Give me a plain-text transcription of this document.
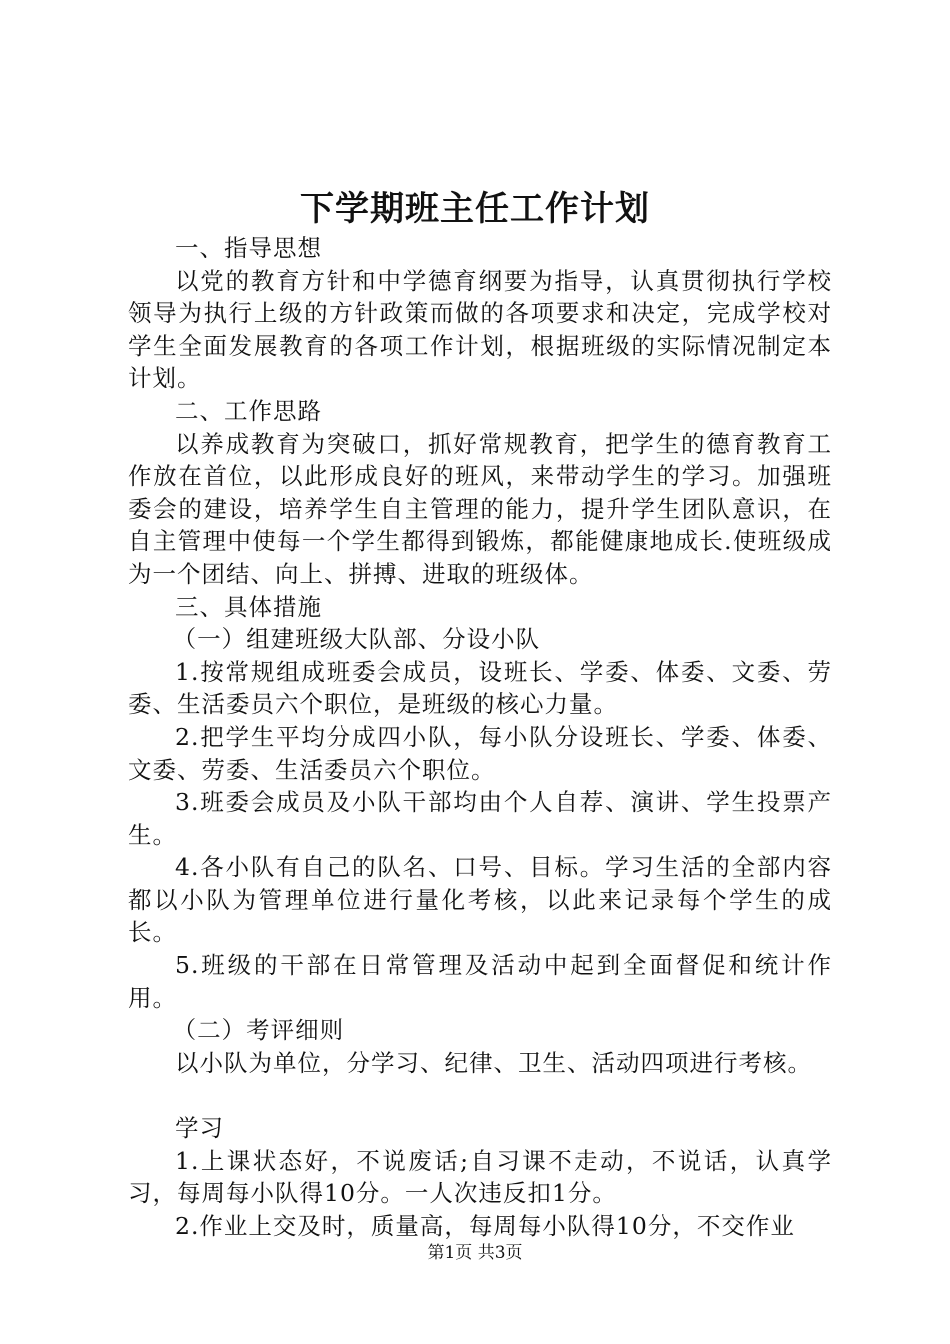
下学期班主任工作计划

一、指导思想

以党的教育方针和中学德育纲要为指导，认真贯彻执行学校领导为执行上级的方针政策而做的各项要求和决定，完成学校对学生全面发展教育的各项工作计划，根据班级的实际情况制定本计划。

二、工作思路

以养成教育为突破口，抓好常规教育，把学生的德育教育工作放在首位，以此形成良好的班风，来带动学生的学习。加强班委会的建设，培养学生自主管理的能力，提升学生团队意识，在自主管理中使每一个学生都得到锻炼，都能健康地成长.使班级成为一个团结、向上、拼搏、进取的班级体。

三、具体措施

（一）组建班级大队部、分设小队

1.按常规组成班委会成员，设班长、学委、体委、文委、劳委、生活委员六个职位，是班级的核心力量。

2.把学生平均分成四小队，每小队分设班长、学委、体委、文委、劳委、生活委员六个职位。

3.班委会成员及小队干部均由个人自荐、演讲、学生投票产生。

4.各小队有自己的队名、口号、目标。学习生活的全部内容都以小队为管理单位进行量化考核，以此来记录每个学生的成长。

5.班级的干部在日常管理及活动中起到全面督促和统计作用。

（二）考评细则

以小队为单位，分学习、纪律、卫生、活动四项进行考核。

学习

1.上课状态好，不说废话;自习课不走动，不说话，认真学习，每周每小队得10分。一人次违反扣1分。

2.作业上交及时，质量高，每周每小队得10分，不交作业

第1页 共3页
